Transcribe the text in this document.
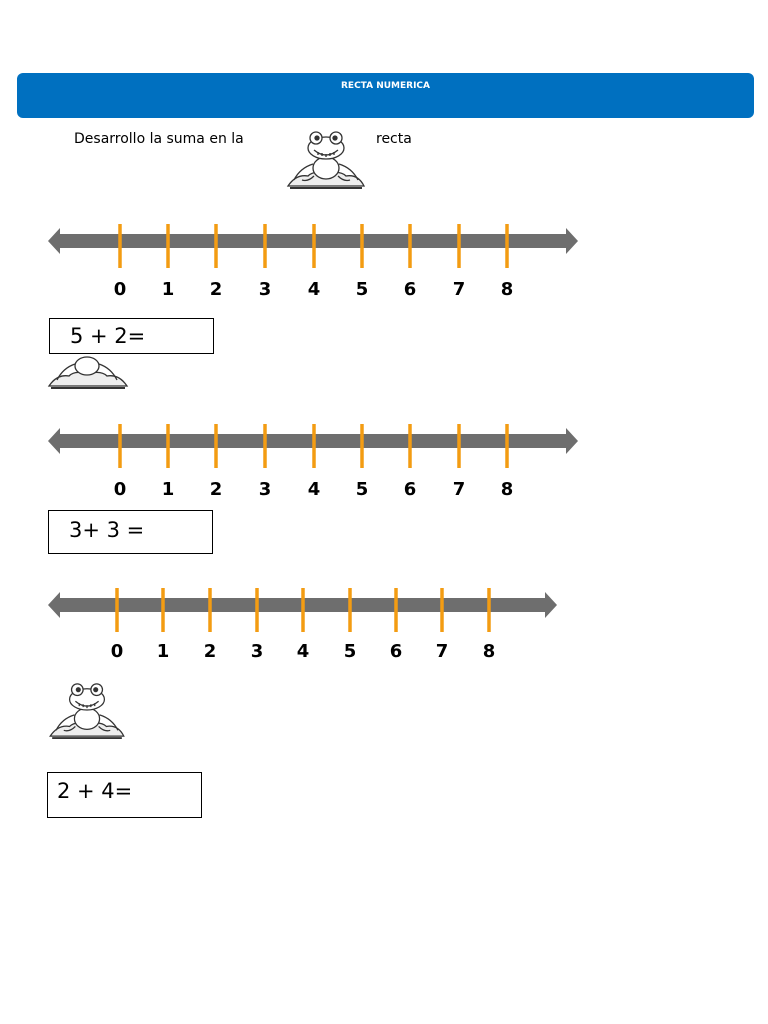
RECTA NUMERICA
Desarrollo la suma en la	recta
0 1 2 3 4 5 6 7 8
5 + 2=
0 1 2 3 4 5 6 7 8
3+ 3 =
0 1 2 3 4 5 6 7 8
2 + 4=
